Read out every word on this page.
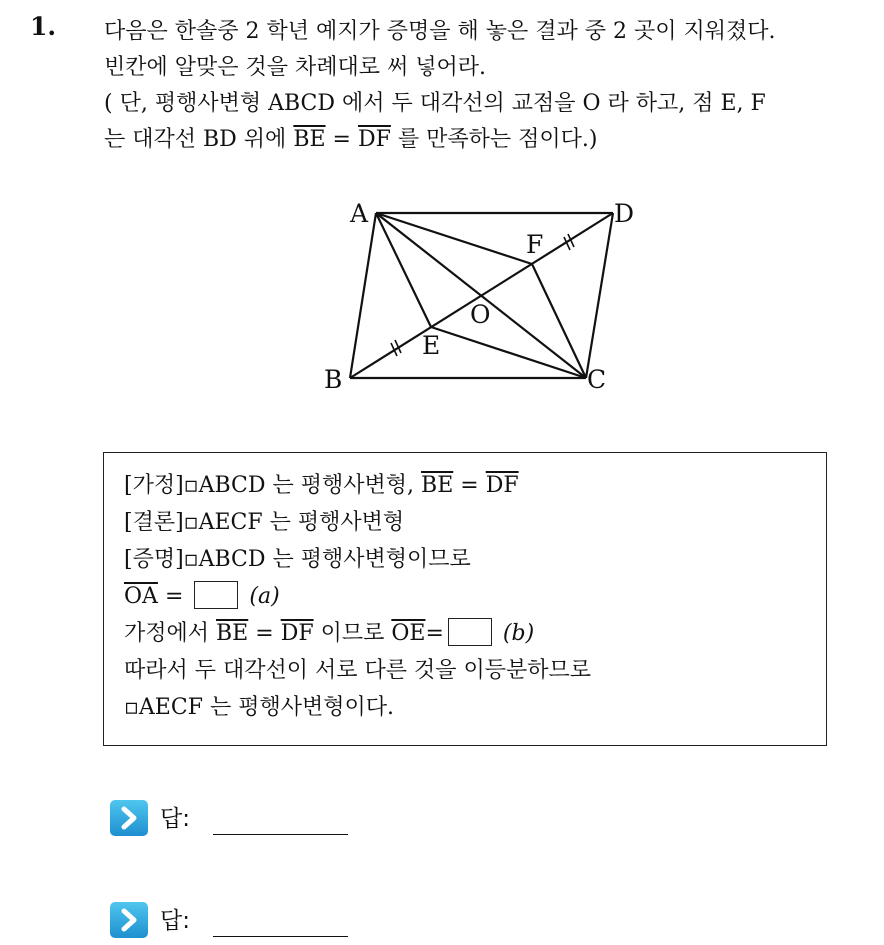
1. 다음은 한솔중 2 학년 예지가 증명을 해 놓은 결과 중 2 곳이 지워졌다.
빈칸에 알맞은 것을 차례대로 써 넣어라.
( 단, 평행사변형 ABCD 에서 두 대각선의 교점을 O 라 하고, 점 E, F
는 대각선 BD 위에 $\overline{BE} = \overline{DF}$ 를 만족하는 점이다.)
A	D
B	C
E
F
O
[가정]▫ABCD 는 평행사변형, $\overline{BE} = \overline{DF}$
[결론]▫AECF 는 평행사변형
[증명]▫ABCD 는 평행사변형이므로
$\overline{OA}$ =	(a)
가정에서 $\overline{BE} = \overline{DF}$ 이므로 $\overline{OE}=$	(b)
따라서 두 대각선이 서로 다른 것을 이등분하므로
▫AECF 는 평행사변형이다.
답:
답:
